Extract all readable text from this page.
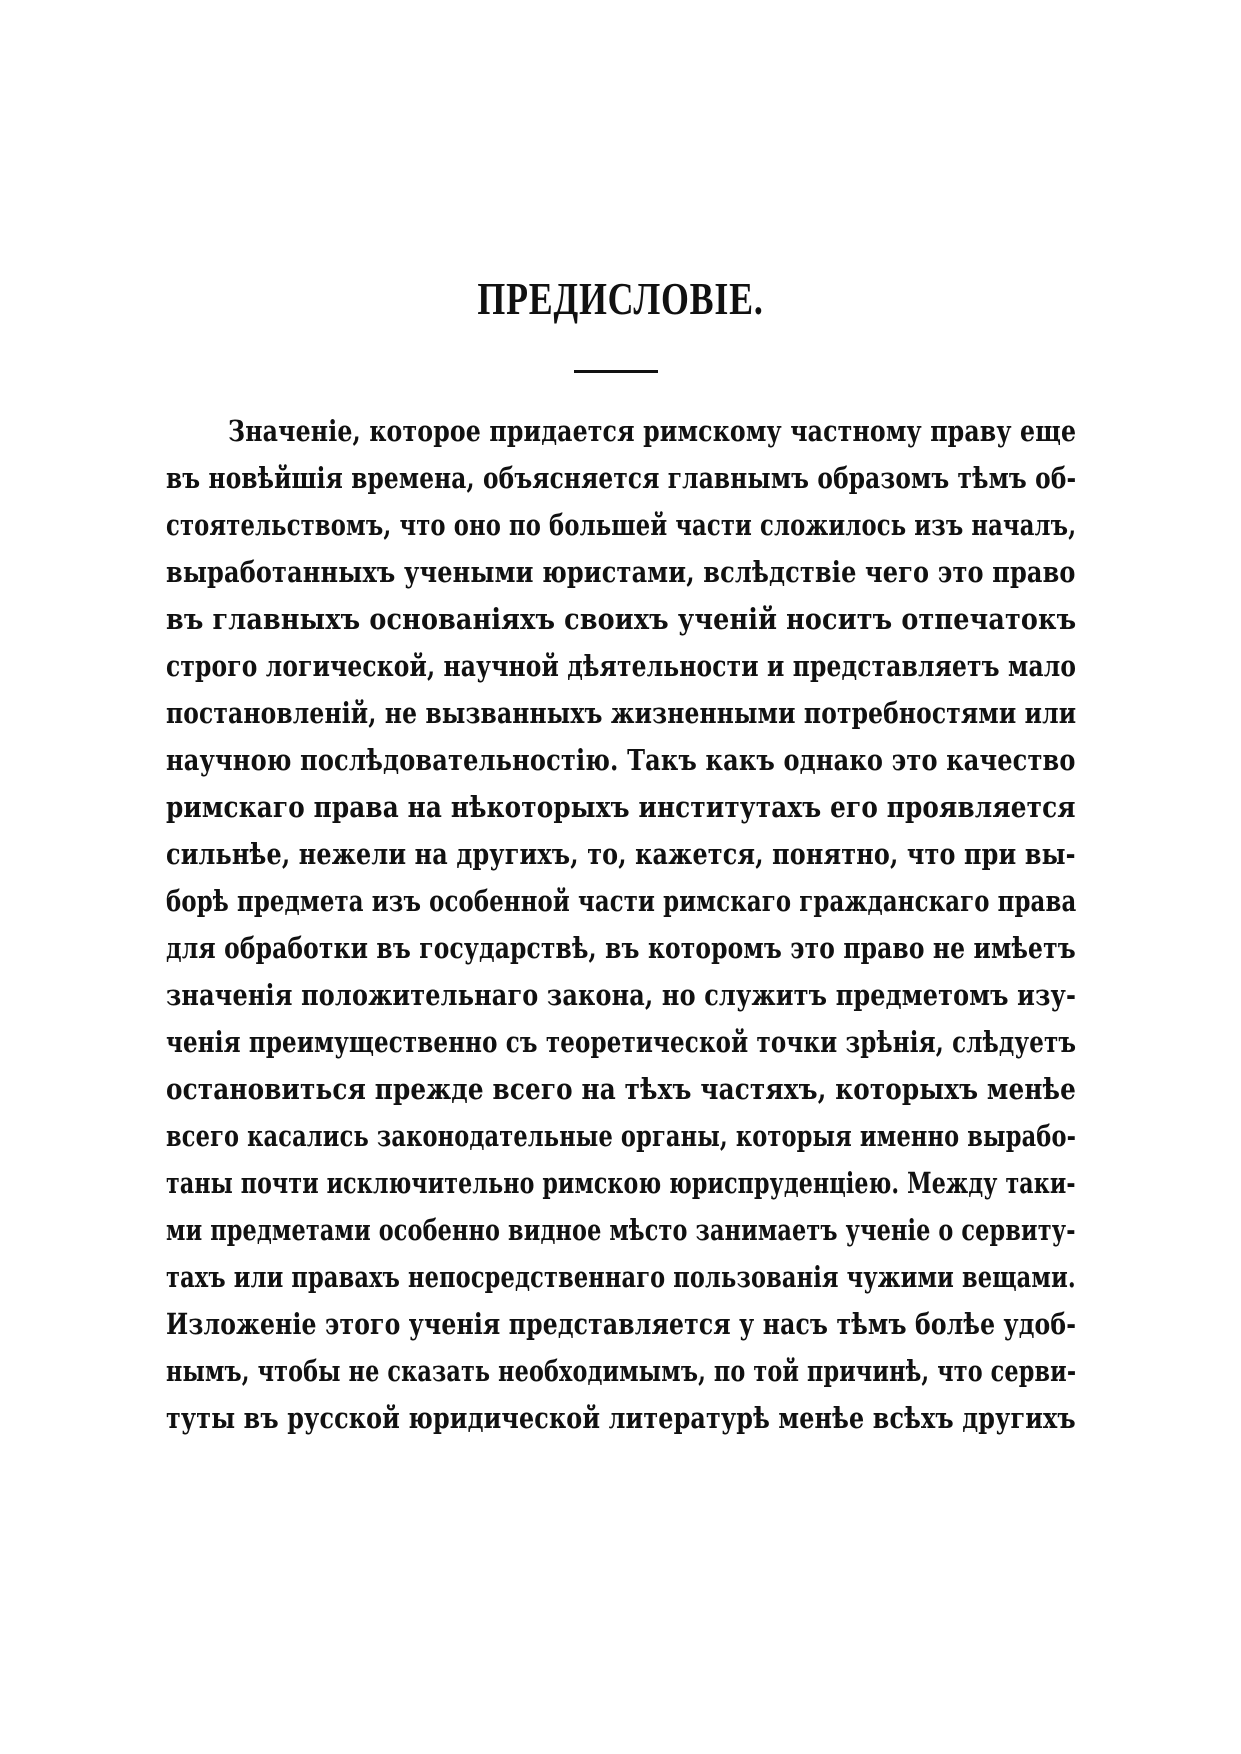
ПРЕДИСЛОВІЕ.
Значеніе, которое придается римскому частному праву еще
въ новѣйшія времена, объясняется главнымъ образомъ тѣмъ об-
стоятельствомъ, что оно по большей части сложилось изъ началъ,
выработанныхъ учеными юристами, вслѣдствіе чего это право
въ главныхъ основаніяхъ своихъ ученій носитъ отпечатокъ
строго логической, научной дѣятельности и представляетъ мало
постановленій, не вызванныхъ жизненными потребностями или
научною послѣдовательностію. Такъ какъ однако это качество
римскаго права на нѣкоторыхъ институтахъ его проявляется
сильнѣе, нежели на другихъ, то, кажется, понятно, что при вы-
борѣ предмета изъ особенной части римскаго гражданскаго права
для обработки въ государствѣ, въ которомъ это право не имѣетъ
значенія положительнаго закона, но служитъ предметомъ изу-
ченія преимущественно съ теоретической точки зрѣнія, слѣдуетъ
остановиться прежде всего на тѣхъ частяхъ, которыхъ менѣе
всего касались законодательные органы, которыя именно вырабо-
таны почти исключительно римскою юриспруденціею. Между таки-
ми предметами особенно видное мѣсто занимаетъ ученіе о сервиту-
тахъ или правахъ непосредственнаго пользованія чужими вещами.
Изложеніе этого ученія представляется у насъ тѣмъ болѣе удоб-
нымъ, чтобы не сказать необходимымъ, по той причинѣ, что серви-
туты въ русской юридической литературѣ менѣе всѣхъ другихъ
